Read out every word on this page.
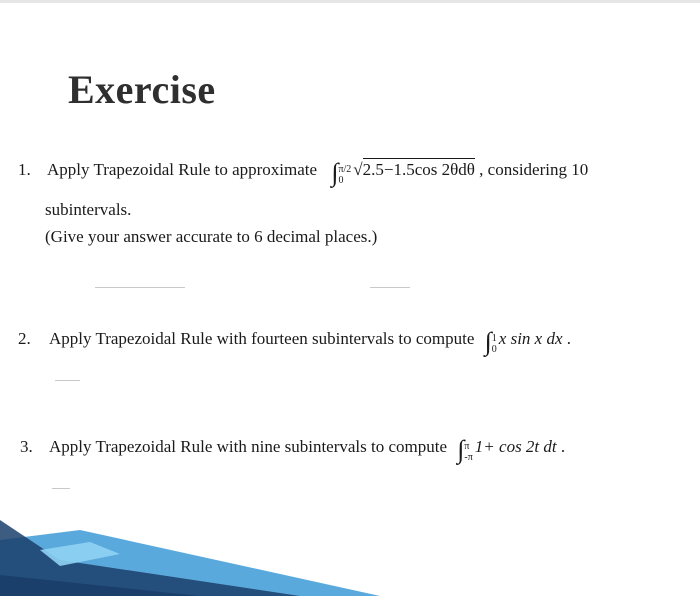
Exercise
1. Apply Trapezoidal Rule to approximate ∫ π/2
0
√2.5−1.5cos 2θdθ , considering 10
subintervals.
(Give your answer accurate to 6 decimal places.)
2. Apply Trapezoidal Rule with fourteen subintervals to compute ∫ 1
0
x sin x dx .
3. Apply Trapezoidal Rule with nine subintervals to compute ∫ π
-π
1+ cos 2t dt .
